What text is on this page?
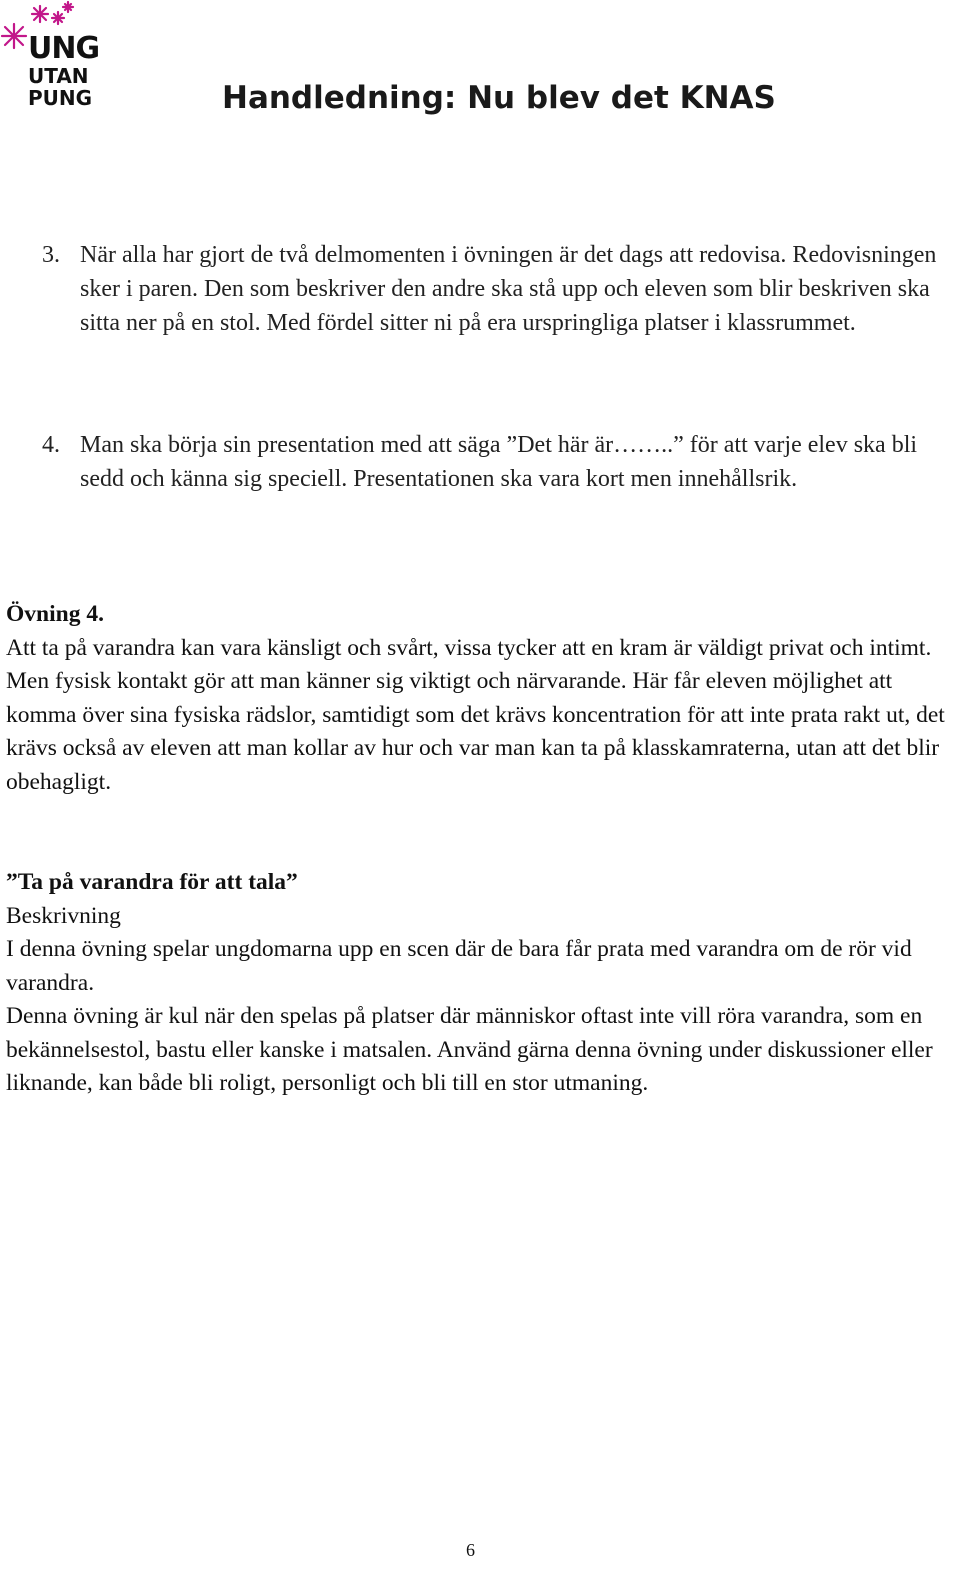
UNG
UTAN
PUNG	Handledning: Nu blev det KNAS
3. När alla har gjort de två delmomenten i övningen är det dags att redovisa. Redovisningen sker i paren. Den som beskriver den andre ska stå upp och eleven som blir beskriven ska sitta ner på en stol. Med fördel sitter ni på era urspringliga platser i klassrummet.
4. Man ska börja sin presentation med att säga ”Det här är……..” för att varje elev ska bli sedd och känna sig speciell. Presentationen ska vara kort men innehållsrik.
Övning 4.
Att ta på varandra kan vara känsligt och svårt, vissa tycker att en kram är väldigt privat och intimt. Men fysisk kontakt gör att man känner sig viktigt och närvarande. Här får eleven möjlighet att komma över sina fysiska rädslor, samtidigt som det krävs koncentration för att inte prata rakt ut, det krävs också av eleven att man kollar av hur och var man kan ta på klasskamraterna, utan att det blir obehagligt.
”Ta på varandra för att tala”
Beskrivning
I denna övning spelar ungdomarna upp en scen där de bara får prata med varandra om de rör vid varandra.
Denna övning är kul när den spelas på platser där människor oftast inte vill röra varandra, som en bekännelsestol, bastu eller kanske i matsalen. Använd gärna denna övning under diskussioner eller liknande, kan både bli roligt, personligt och bli till en stor utmaning.
6
